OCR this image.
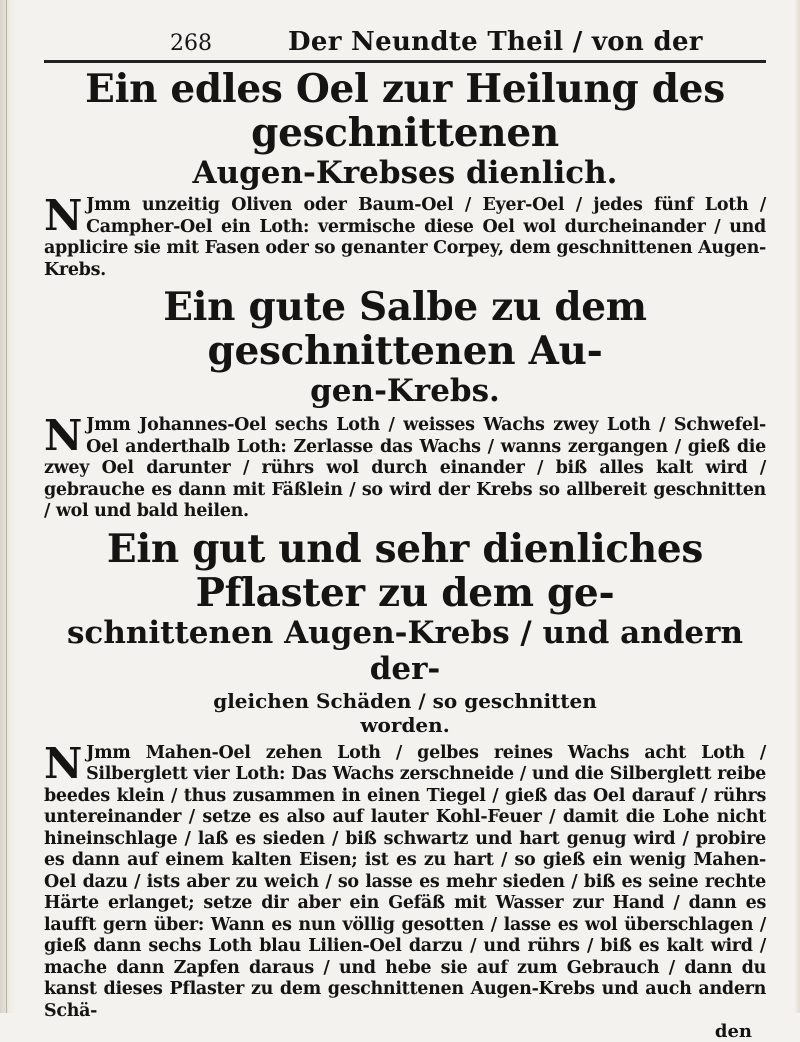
268	Der Neundte Theil / von der
Ein edles Oel zur Heilung des geschnittenen
Augen-Krebses dienlich.

NJmm unzeitig Oliven oder Baum-Oel / Eyer-Oel / jedes fünf Loth / Campher-Oel ein Loth: vermische diese Oel wol durcheinander / und applicire sie mit Fasen oder so genanter Corpey, dem geschnittenen Augen-Krebs.

Ein gute Salbe zu dem geschnittenen Au-
gen-Krebs.

NJmm Johannes-Oel sechs Loth / weisses Wachs zwey Loth / Schwefel-Oel anderthalb Loth: Zerlasse das Wachs / wanns zergangen / gieß die zwey Oel darunter / rührs wol durch einander / biß alles kalt wird / gebrauche es dann mit Fäßlein / so wird der Krebs so allbereit geschnitten / wol und bald heilen.

Ein gut und sehr dienliches Pflaster zu dem ge-
schnittenen Augen-Krebs / und andern der-
gleichen Schäden / so geschnitten
worden.

NJmm Mahen-Oel zehen Loth / gelbes reines Wachs acht Loth / Silberglett vier Loth: Das Wachs zerschneide / und die Silberglett reibe beedes klein / thus zusammen in einen Tiegel / gieß das Oel darauf / rührs untereinander / setze es also auf lauter Kohl-Feuer / damit die Lohe nicht hineinschlage / laß es sieden / biß schwartz und hart genug wird / probire es dann auf einem kalten Eisen; ist es zu hart / so gieß ein wenig Mahen-Oel dazu / ists aber zu weich / so lasse es mehr sieden / biß es seine rechte Härte erlanget; setze dir aber ein Gefäß mit Wasser zur Hand / dann es laufft gern über: Wann es nun völlig gesotten / lasse es wol überschlagen / gieß dann sechs Loth blau Lilien-Oel darzu / und rührs / biß es kalt wird / mache dann Zapfen daraus / und hebe sie auf zum Gebrauch / dann du kanst dieses Pflaster zu dem geschnittenen Augen-Krebs und auch andern Schä-

den
